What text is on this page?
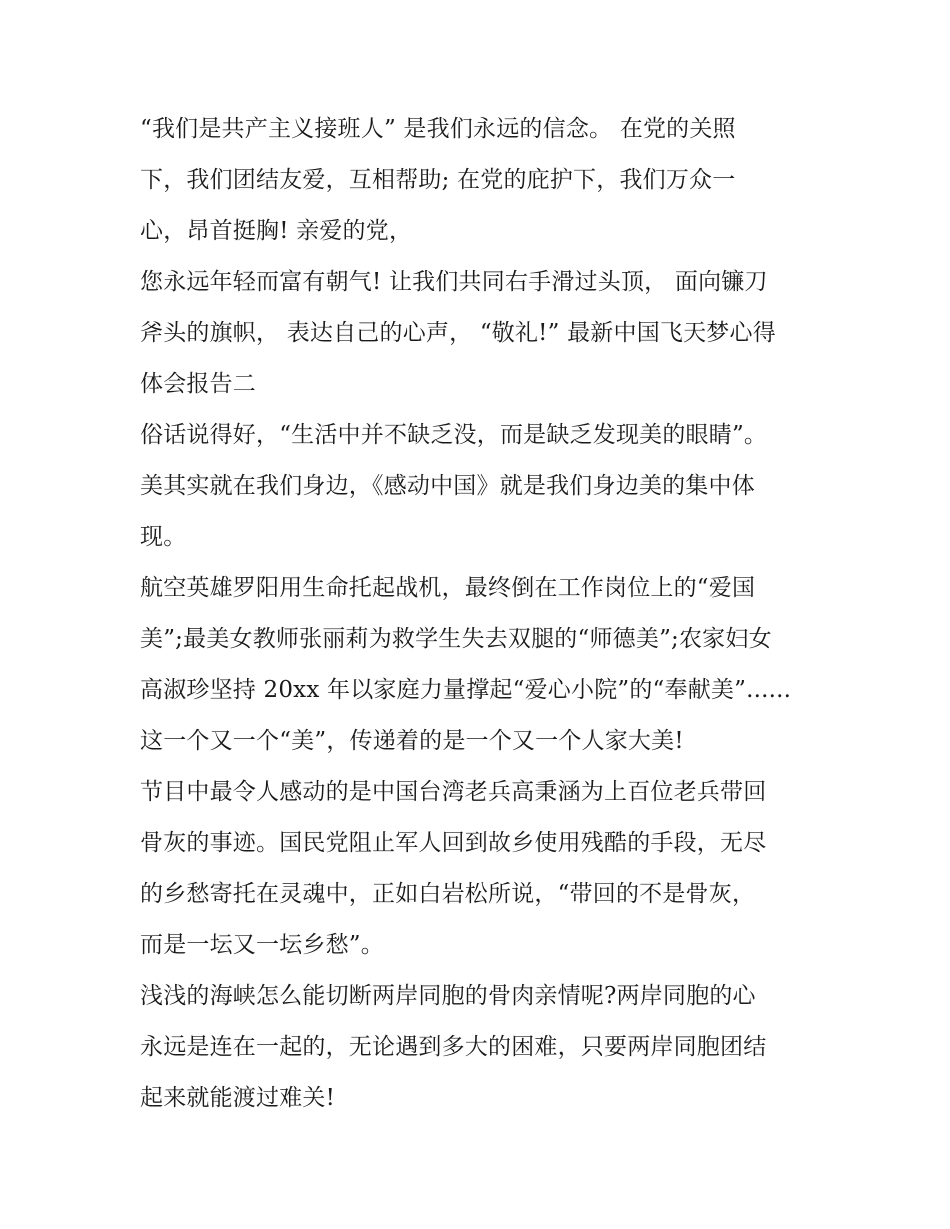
“我们是共产主义接班人” 是我们永远的信念。 在党的关照
下，我们团结友爱，互相帮助; 在党的庇护下，我们万众一
心，昂首挺胸! 亲爱的党，
您永远年轻而富有朝气! 让我们共同右手滑过头顶， 面向镰刀
斧头的旗帜， 表达自己的心声， “敬礼!” 最新中国飞天梦心得
体会报告二
俗话说得好，“生活中并不缺乏没，而是缺乏发现美的眼睛”。
美其实就在我们身边，《感动中国》就是我们身边美的集中体
现。
航空英雄罗阳用生命托起战机，最终倒在工作岗位上的“爱国
美”;最美女教师张丽莉为救学生失去双腿的“师德美”;农家妇女
高淑珍坚持 20xx 年以家庭力量撑起“爱心小院”的“奉献美”......
这一个又一个“美”，传递着的是一个又一个人家大美!
节目中最令人感动的是中国台湾老兵高秉涵为上百位老兵带回
骨灰的事迹。国民党阻止军人回到故乡使用残酷的手段，无尽
的乡愁寄托在灵魂中，正如白岩松所说，“带回的不是骨灰，
而是一坛又一坛乡愁”。
浅浅的海峡怎么能切断两岸同胞的骨肉亲情呢?两岸同胞的心
永远是连在一起的，无论遇到多大的困难，只要两岸同胞团结
起来就能渡过难关!
